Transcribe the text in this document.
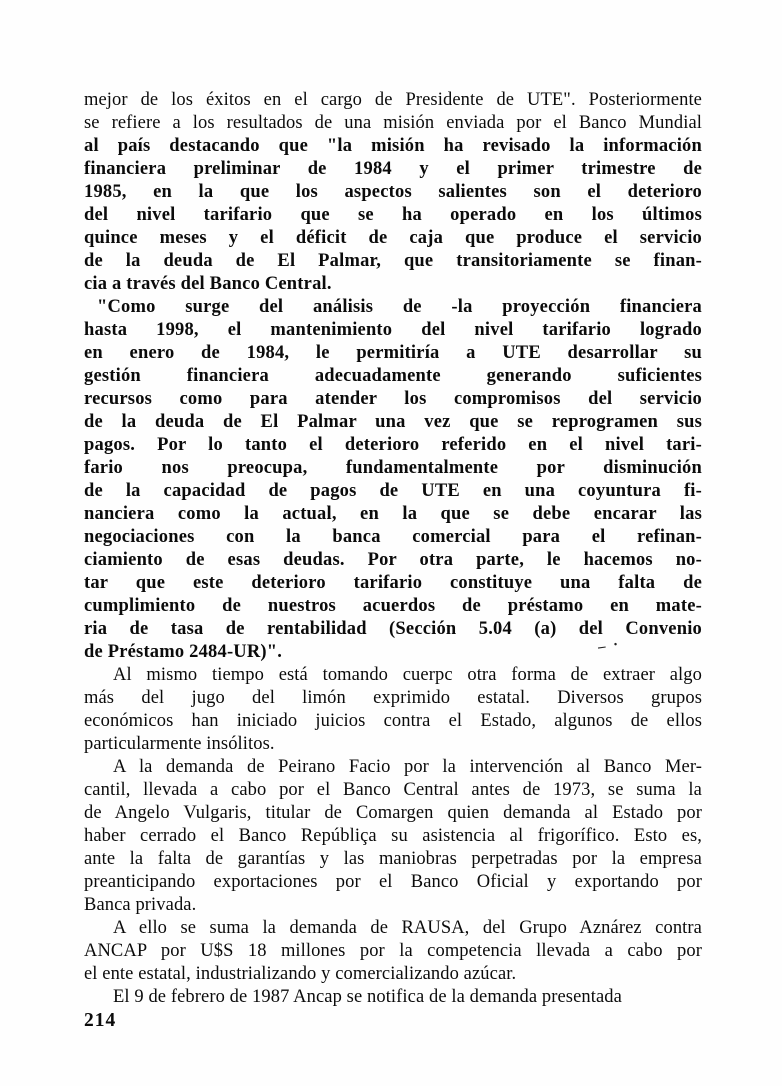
mejor de los éxitos en el cargo de Presidente de UTE". Posteriormente
se refiere a los resultados de una misión enviada por el Banco Mundial
al país destacando que "la misión ha revisado la información
financiera preliminar de 1984 y el primer trimestre de
1985, en la que los aspectos salientes son el deterioro
del nivel tarifario que se ha operado en los últimos
quince meses y el déficit de caja que produce el servicio
de la deuda de El Palmar, que transitoriamente se finan-
cia a través del Banco Central.
"Como surge del análisis de -la proyección financiera
hasta 1998, el mantenimiento del nivel tarifario logrado
en enero de 1984, le permitiría a UTE desarrollar su
gestión financiera adecuadamente generando suficientes
recursos como para atender los compromisos del servicio
de la deuda de El Palmar una vez que se reprogramen sus
pagos. Por lo tanto el deterioro referido en el nivel tari-
fario nos preocupa, fundamentalmente por disminución
de la capacidad de pagos de UTE en una coyuntura fi-
nanciera como la actual, en la que se debe encarar las
negociaciones con la banca comercial para el refinan-
ciamiento de esas deudas. Por otra parte, le hacemos no-
tar que este deterioro tarifario constituye una falta de
cumplimiento de nuestros acuerdos de préstamo en mate-
ria de tasa de rentabilidad (Sección 5.04 (a) del Convenio
de Préstamo 2484-UR)".
Al mismo tiempo está tomando cuerpc otra forma de extraer algo
más del jugo del limón exprimido estatal. Diversos grupos
económicos han iniciado juicios contra el Estado, algunos de ellos
particularmente insólitos.
A la demanda de Peirano Facio por la intervención al Banco Mer-
cantil, llevada a cabo por el Banco Central antes de 1973, se suma la
de Angelo Vulgaris, titular de Comargen quien demanda al Estado por
haber cerrado el Banco Repúbliça su asistencia al frigorífico. Esto es,
ante la falta de garantías y las maniobras perpetradas por la empresa
preanticipando exportaciones por el Banco Oficial y exportando por
Banca privada.
A ello se suma la demanda de RAUSA, del Grupo Aznárez contra
ANCAP por U$S 18 millones por la competencia llevada a cabo por
el ente estatal, industrializando y comercializando azúcar.
El 9 de febrero de 1987 Ancap se notifica de la demanda presentada
‒ ·
214
